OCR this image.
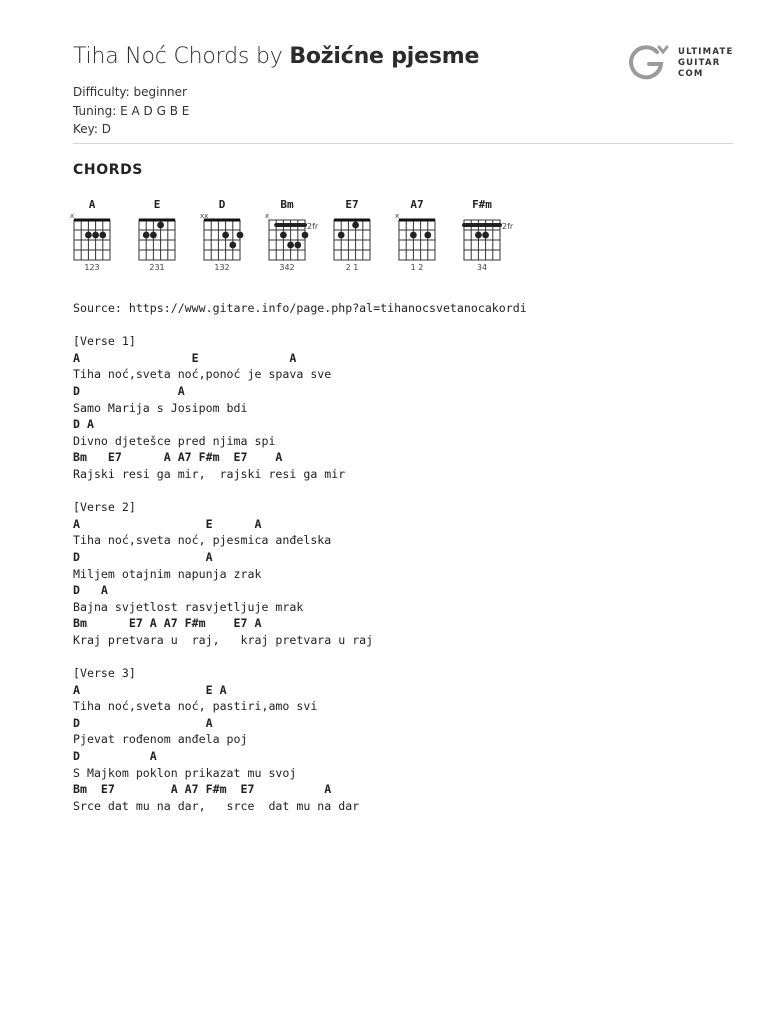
Tiha Noć Chords by Božićne pjesme	ULTIMATE
GUITAR
COM
Difficulty: beginner
Tuning: E A D G B E
Key: D
CHORDS
A
x
123
E
231
D
xx
132
Bm
x
2fr
342
E7
2 1
A7
x
1 2
F#m
2fr
34
Source: https://www.gitare.info/page.php?al=tihanocsvetanocakordi
[Verse 1]
A                E             A
Tiha noć,sveta noć,ponoć je spava sve
D              A
Samo Marija s Josipom bdi
D A
Divno djetešce pred njima spi
Bm   E7      A A7 F#m  E7    A
Rajski resi ga mir,  rajski resi ga mir
[Verse 2]
A                  E      A
Tiha noć,sveta noć, pjesmica anđelska
D                  A
Miljem otajnim napunja zrak
D   A
Bajna svjetlost rasvjetljuje mrak
Bm      E7 A A7 F#m    E7 A
Kraj pretvara u  raj,   kraj pretvara u raj
[Verse 3]
A                  E A
Tiha noć,sveta noć, pastiri,amo svi
D                  A
Pjevat rođenom anđela poj
D          A
S Majkom poklon prikazat mu svoj
Bm  E7        A A7 F#m  E7          A
Srce dat mu na dar,   srce  dat mu na dar
